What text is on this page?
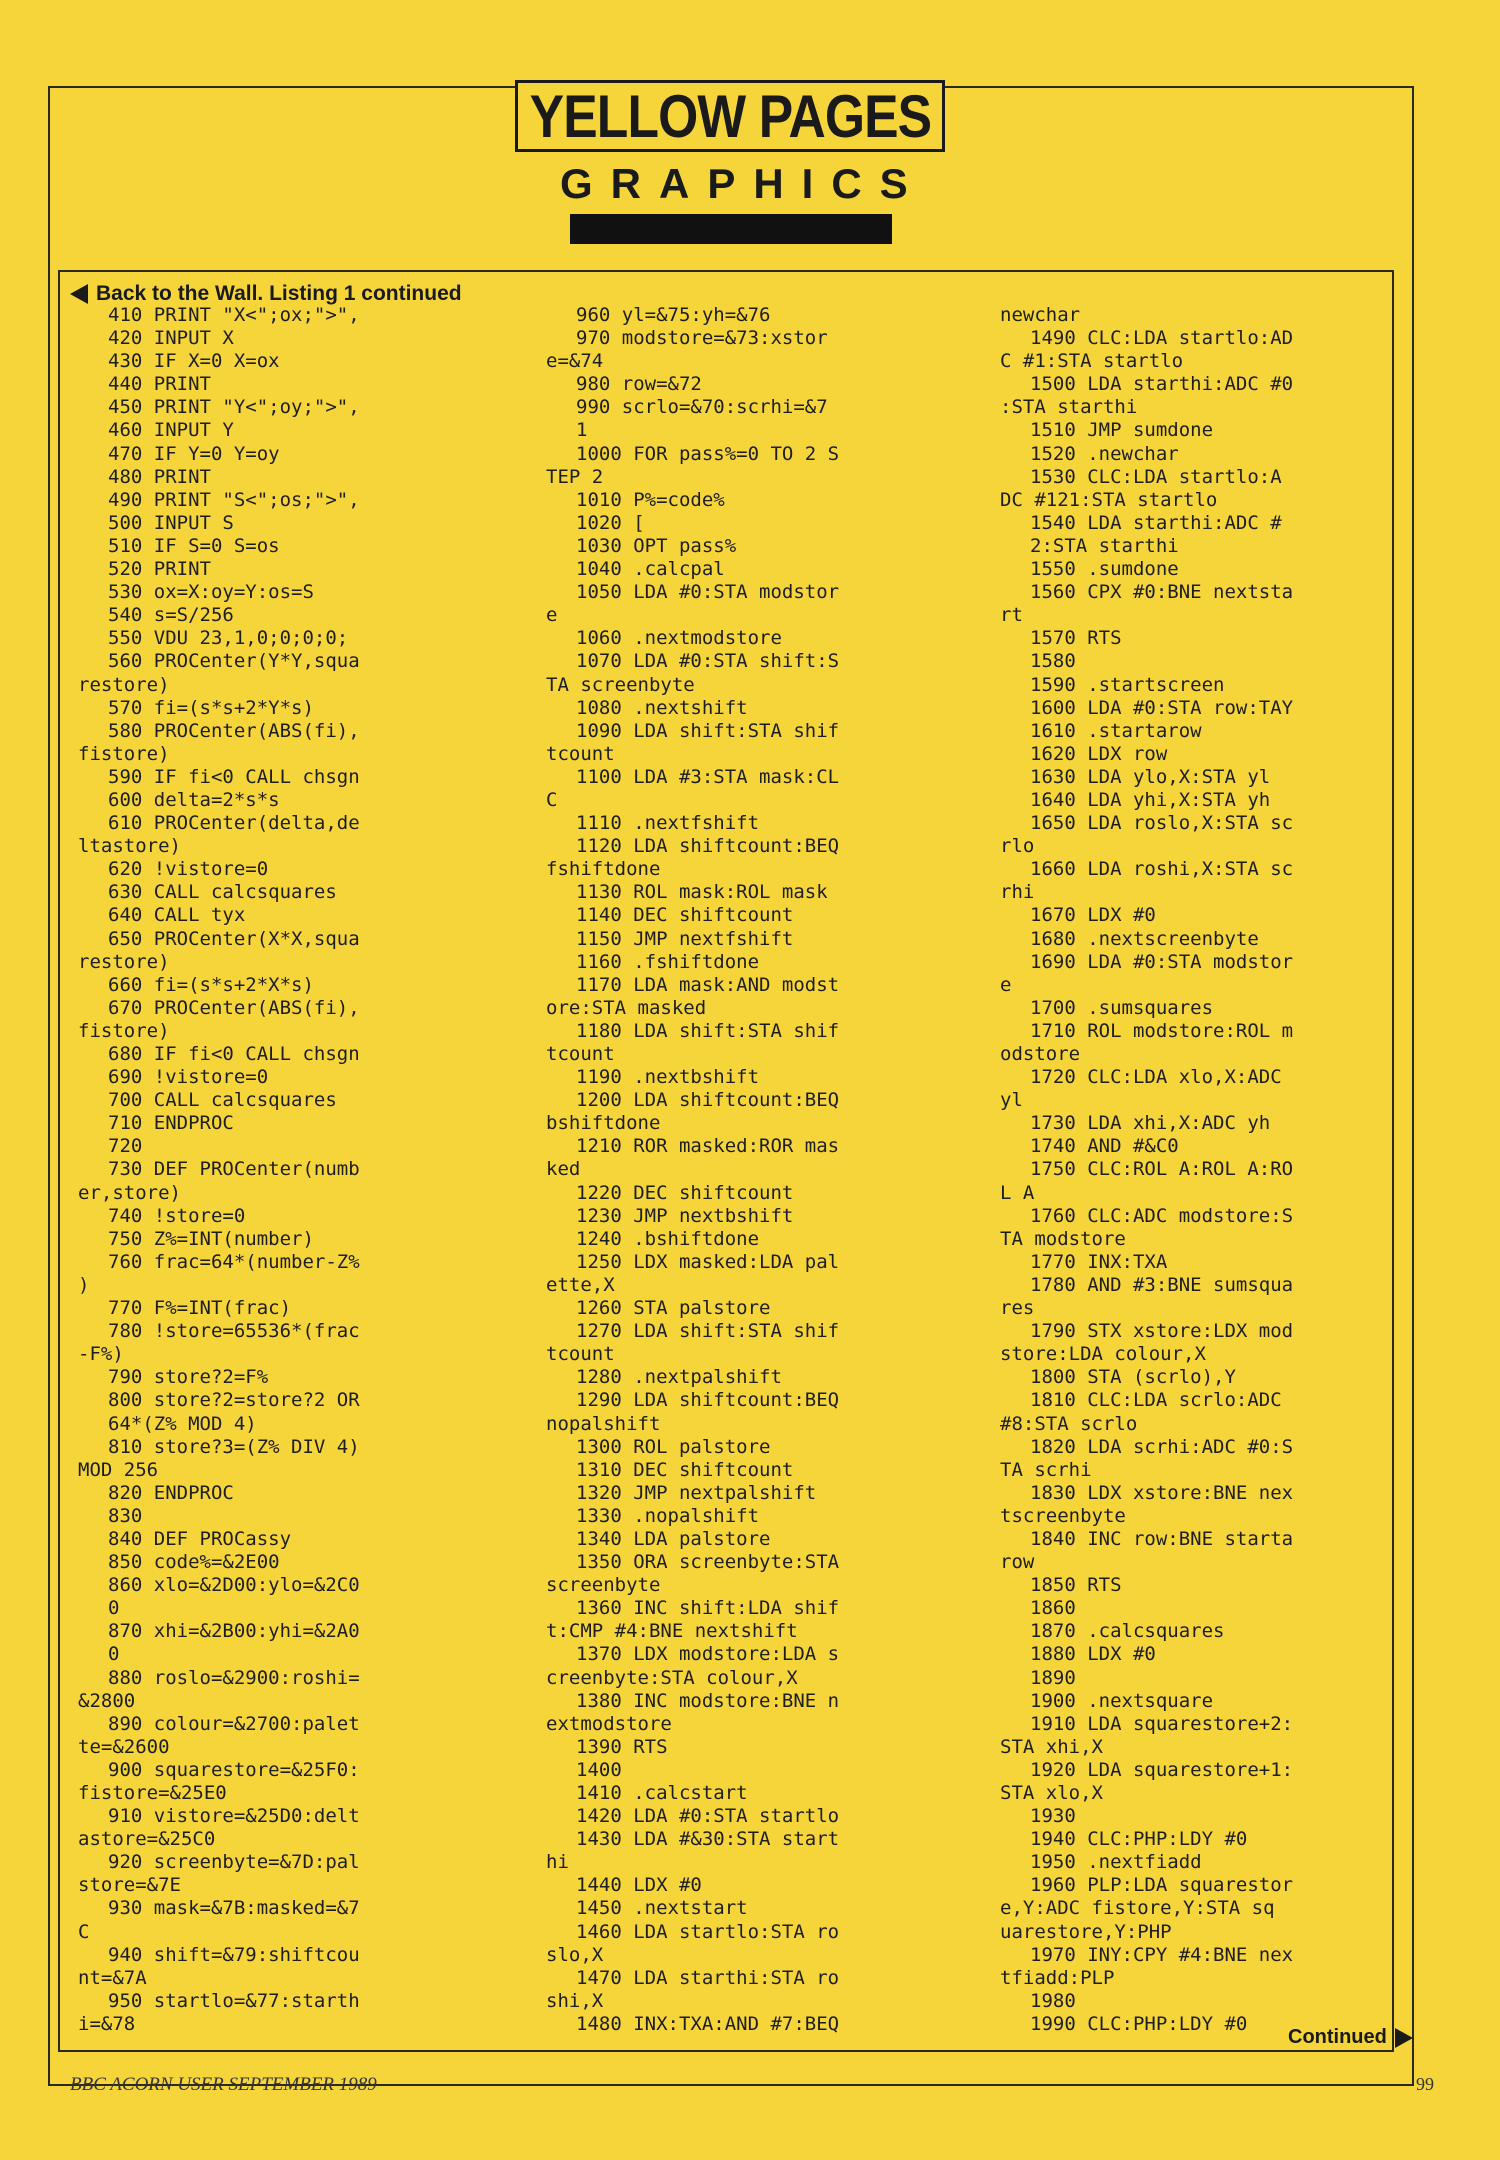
YELLOW PAGES
GRAPHICS
Back to the Wall. Listing 1 continued
410 PRINT "X<";ox;">",
420 INPUT X
430 IF X=0 X=ox
440 PRINT
450 PRINT "Y<";oy;">",
460 INPUT Y
470 IF Y=0 Y=oy
480 PRINT
490 PRINT "S<";os;">",
500 INPUT S
510 IF S=0 S=os
520 PRINT
530 ox=X:oy=Y:os=S
540 s=S/256
550 VDU 23,1,0;0;0;0;
560 PROCenter(Y*Y,squa
restore)
570 fi=(s*s+2*Y*s)
580 PROCenter(ABS(fi),
fistore)
590 IF fi<0 CALL chsgn
600 delta=2*s*s
610 PROCenter(delta,de
ltastore)
620 !vistore=0
630 CALL calcsquares
640 CALL tyx
650 PROCenter(X*X,squa
restore)
660 fi=(s*s+2*X*s)
670 PROCenter(ABS(fi),
fistore)
680 IF fi<0 CALL chsgn
690 !vistore=0
700 CALL calcsquares
710 ENDPROC
720
730 DEF PROCenter(numb
er,store)
740 !store=0
750 Z%=INT(number)
760 frac=64*(number-Z%
)
770 F%=INT(frac)
780 !store=65536*(frac
-F%)
790 store?2=F%
800 store?2=store?2 OR
64*(Z% MOD 4)
810 store?3=(Z% DIV 4)
MOD 256
820 ENDPROC
830
840 DEF PROCassy
850 code%=&2E00
860 xlo=&2D00:ylo=&2C0
0
870 xhi=&2B00:yhi=&2A0
0
880 roslo=&2900:roshi=
&2800
890 colour=&2700:palet
te=&2600
900 squarestore=&25F0:
fistore=&25E0
910 vistore=&25D0:delt
astore=&25C0
920 screenbyte=&7D:pal
store=&7E
930 mask=&7B:masked=&7
C
940 shift=&79:shiftcou
nt=&7A
950 startlo=&77:starth
i=&78
960 yl=&75:yh=&76
970 modstore=&73:xstor
e=&74
980 row=&72
990 scrlo=&70:scrhi=&7
1
1000 FOR pass%=0 TO 2 S
TEP 2
1010 P%=code%
1020 [
1030 OPT pass%
1040 .calcpal
1050 LDA #0:STA modstor
e
1060 .nextmodstore
1070 LDA #0:STA shift:S
TA screenbyte
1080 .nextshift
1090 LDA shift:STA shif
tcount
1100 LDA #3:STA mask:CL
C
1110 .nextfshift
1120 LDA shiftcount:BEQ
fshiftdone
1130 ROL mask:ROL mask
1140 DEC shiftcount
1150 JMP nextfshift
1160 .fshiftdone
1170 LDA mask:AND modst
ore:STA masked
1180 LDA shift:STA shif
tcount
1190 .nextbshift
1200 LDA shiftcount:BEQ
bshiftdone
1210 ROR masked:ROR mas
ked
1220 DEC shiftcount
1230 JMP nextbshift
1240 .bshiftdone
1250 LDX masked:LDA pal
ette,X
1260 STA palstore
1270 LDA shift:STA shif
tcount
1280 .nextpalshift
1290 LDA shiftcount:BEQ
nopalshift
1300 ROL palstore
1310 DEC shiftcount
1320 JMP nextpalshift
1330 .nopalshift
1340 LDA palstore
1350 ORA screenbyte:STA
screenbyte
1360 INC shift:LDA shif
t:CMP #4:BNE nextshift
1370 LDX modstore:LDA s
creenbyte:STA colour,X
1380 INC modstore:BNE n
extmodstore
1390 RTS
1400
1410 .calcstart
1420 LDA #0:STA startlo
1430 LDA #&30:STA start
hi
1440 LDX #0
1450 .nextstart
1460 LDA startlo:STA ro
slo,X
1470 LDA starthi:STA ro
shi,X
1480 INX:TXA:AND #7:BEQ
newchar
1490 CLC:LDA startlo:AD
C #1:STA startlo
1500 LDA starthi:ADC #0
:STA starthi
1510 JMP sumdone
1520 .newchar
1530 CLC:LDA startlo:A
DC #121:STA startlo
1540 LDA starthi:ADC #
2:STA starthi
1550 .sumdone
1560 CPX #0:BNE nextsta
rt
1570 RTS
1580
1590 .startscreen
1600 LDA #0:STA row:TAY
1610 .startarow
1620 LDX row
1630 LDA ylo,X:STA yl
1640 LDA yhi,X:STA yh
1650 LDA roslo,X:STA sc
rlo
1660 LDA roshi,X:STA sc
rhi
1670 LDX #0
1680 .nextscreenbyte
1690 LDA #0:STA modstor
e
1700 .sumsquares
1710 ROL modstore:ROL m
odstore
1720 CLC:LDA xlo,X:ADC
yl
1730 LDA xhi,X:ADC yh
1740 AND #&C0
1750 CLC:ROL A:ROL A:RO
L A
1760 CLC:ADC modstore:S
TA modstore
1770 INX:TXA
1780 AND #3:BNE sumsqua
res
1790 STX xstore:LDX mod
store:LDA colour,X
1800 STA (scrlo),Y
1810 CLC:LDA scrlo:ADC
#8:STA scrlo
1820 LDA scrhi:ADC #0:S
TA scrhi
1830 LDX xstore:BNE nex
tscreenbyte
1840 INC row:BNE starta
row
1850 RTS
1860
1870 .calcsquares
1880 LDX #0
1890
1900 .nextsquare
1910 LDA squarestore+2:
STA xhi,X
1920 LDA squarestore+1:
STA xlo,X
1930
1940 CLC:PHP:LDY #0
1950 .nextfiadd
1960 PLP:LDA squarestor
e,Y:ADC fistore,Y:STA sq
uarestore,Y:PHP
1970 INY:CPY #4:BNE nex
tfiadd:PLP
1980
1990 CLC:PHP:LDY #0
Continued
BBC ACORN USER SEPTEMBER 1989	99
